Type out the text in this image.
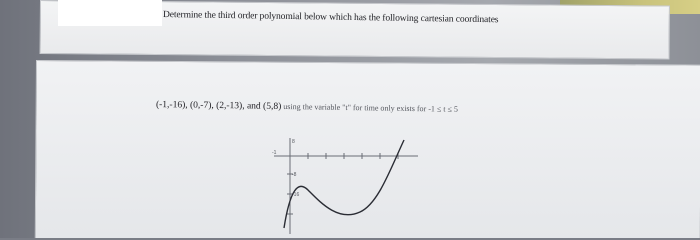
Determine the third order polynomial below which has the following cartesian coordinates
(-1,-16), (0,-7), (2,-13), and (5,8) using the variable "t" for time only exists for -1 ≤ t ≤ 5
-1
8
-8
-16
